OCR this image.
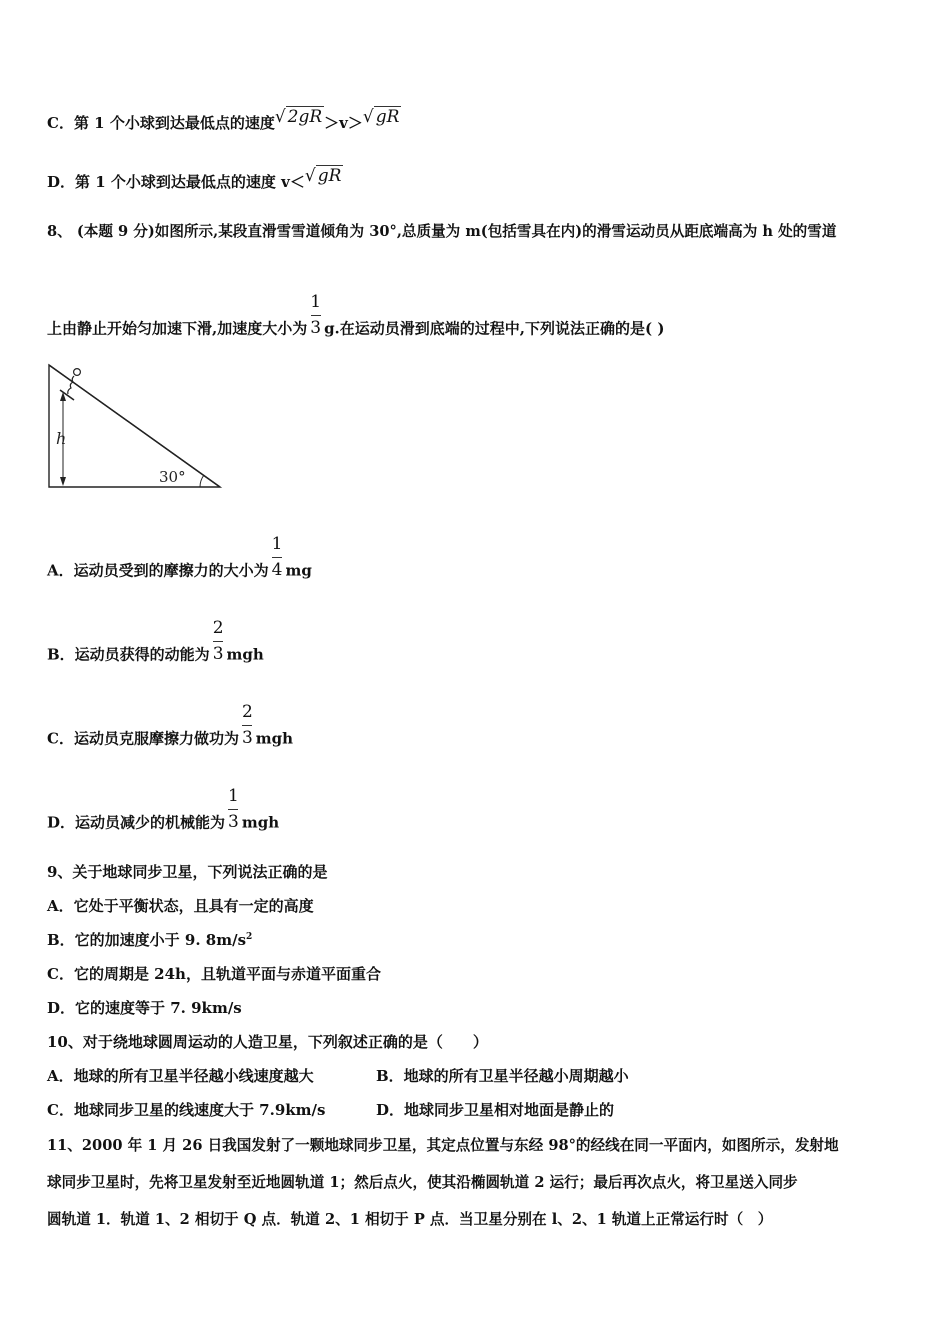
C．第 1 个小球到达最低点的速度√ 2gR ＞v＞√ gR
D．第 1 个小球到达最低点的速度 v＜√ gR
8、 (本题 9 分)如图所示,某段直滑雪雪道倾角为 30°,总质量为 m(包括雪具在内)的滑雪运动员从距底端高为 h 处的雪道
上由静止开始匀加速下滑,加速度大小为 $\frac{1}{3} g$.在运动员滑到底端的过程中,下列说法正确的是( )
h
30°
A．运动员受到的摩擦力的大小为 $\frac{1}{4}$ mg
B．运动员获得的动能为 $\frac{2}{3}$ mgh
C．运动员克服摩擦力做功为 $\frac{2}{3}$ mgh
D．运动员减少的机械能为 $\frac{1}{3}$ mgh
9、关于地球同步卫星，下列说法正确的是
A．它处于平衡状态，且具有一定的高度
B．它的加速度小于 9. $8m/s^2$
C．它的周期是 24h，且轨道平面与赤道平面重合
D．它的速度等于 7. 9km/s
10、对于绕地球圆周运动的人造卫星，下列叙述正确的是（　　）
A．地球的所有卫星半径越小线速度越大	B．地球的所有卫星半径越小周期越小
C．地球同步卫星的线速度大于 7.9km/s	D．地球同步卫星相对地面是静止的
11、2000 年 1 月 26 日我国发射了一颗地球同步卫星，其定点位置与东经 98°的经线在同一平面内，如图所示，发射地
球同步卫星时，先将卫星发射至近地圆轨道 1；然后点火，使其沿椭圆轨道 2 运行；最后再次点火，将卫星送入同步
圆轨道 1．轨道 1、2 相切于 Q 点．轨道 2、1 相切于 P 点．当卫星分别在 l、2、1 轨道上正常运行时（　）
